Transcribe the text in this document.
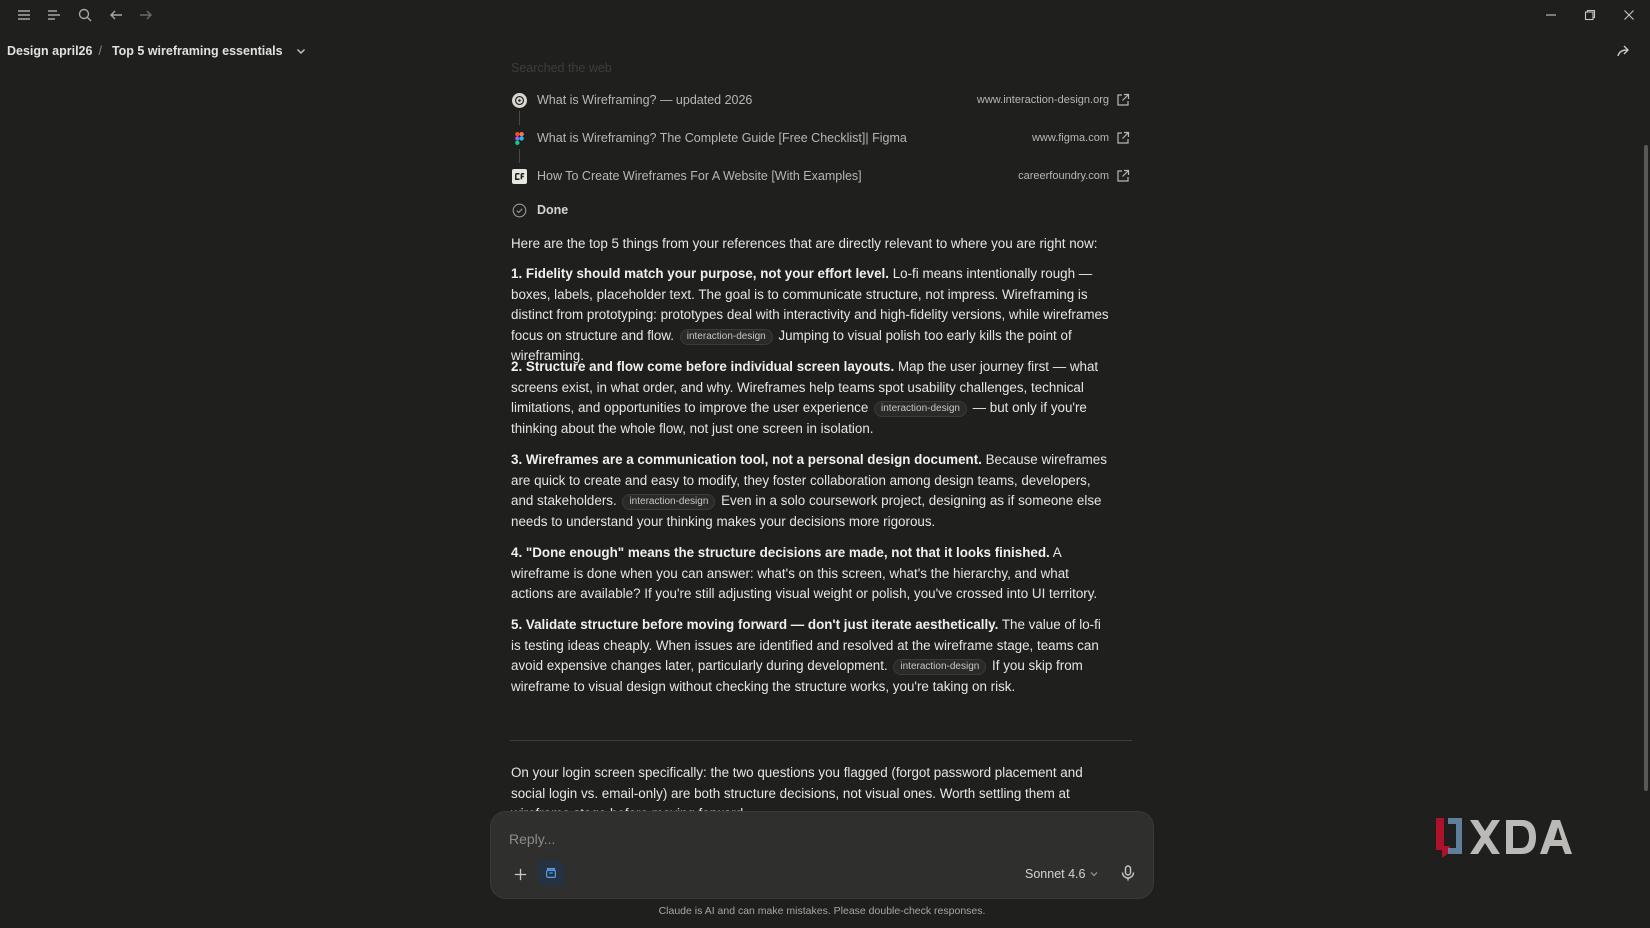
Design april26 / Top 5 wireframing essentials
Searched the web
What is Wireframing? — updated 2026	www.interaction-design.org
What is Wireframing? The Complete Guide [Free Checklist]| Figma	www.figma.com
How To Create Wireframes For A Website [With Examples]	careerfoundry.com
Done

Here are the top 5 things from your references that are directly relevant to where you are right now:

1. Fidelity should match your purpose, not your effort level. Lo-fi means intentionally rough — boxes, labels, placeholder text. The goal is to communicate structure, not impress. Wireframing is distinct from prototyping: prototypes deal with interactivity and high-fidelity versions, while wireframes focus on structure and flow. interaction-design Jumping to visual polish too early kills the point of wireframing.

2. Structure and flow come before individual screen layouts. Map the user journey first — what screens exist, in what order, and why. Wireframes help teams spot usability challenges, technical limitations, and opportunities to improve the user experience interaction-design — but only if you're thinking about the whole flow, not just one screen in isolation.

3. Wireframes are a communication tool, not a personal design document. Because wireframes are quick to create and easy to modify, they foster collaboration among design teams, developers, and stakeholders. interaction-design Even in a solo coursework project, designing as if someone else needs to understand your thinking makes your decisions more rigorous.

4. "Done enough" means the structure decisions are made, not that it looks finished. A wireframe is done when you can answer: what's on this screen, what's the hierarchy, and what actions are available? If you're still adjusting visual weight or polish, you've crossed into UI territory.

5. Validate structure before moving forward — don't just iterate aesthetically. The value of lo-fi is testing ideas cheaply. When issues are identified and resolved at the wireframe stage, teams can avoid expensive changes later, particularly during development. interaction-design If you skip from wireframe to visual design without checking the structure works, you're taking on risk.

On your login screen specifically: the two questions you flagged (forgot password placement and social login vs. email-only) are both structure decisions, not visual ones. Worth settling them at

Reply...
Sonnet 4.6
Claude is AI and can make mistakes. Please double-check responses.
